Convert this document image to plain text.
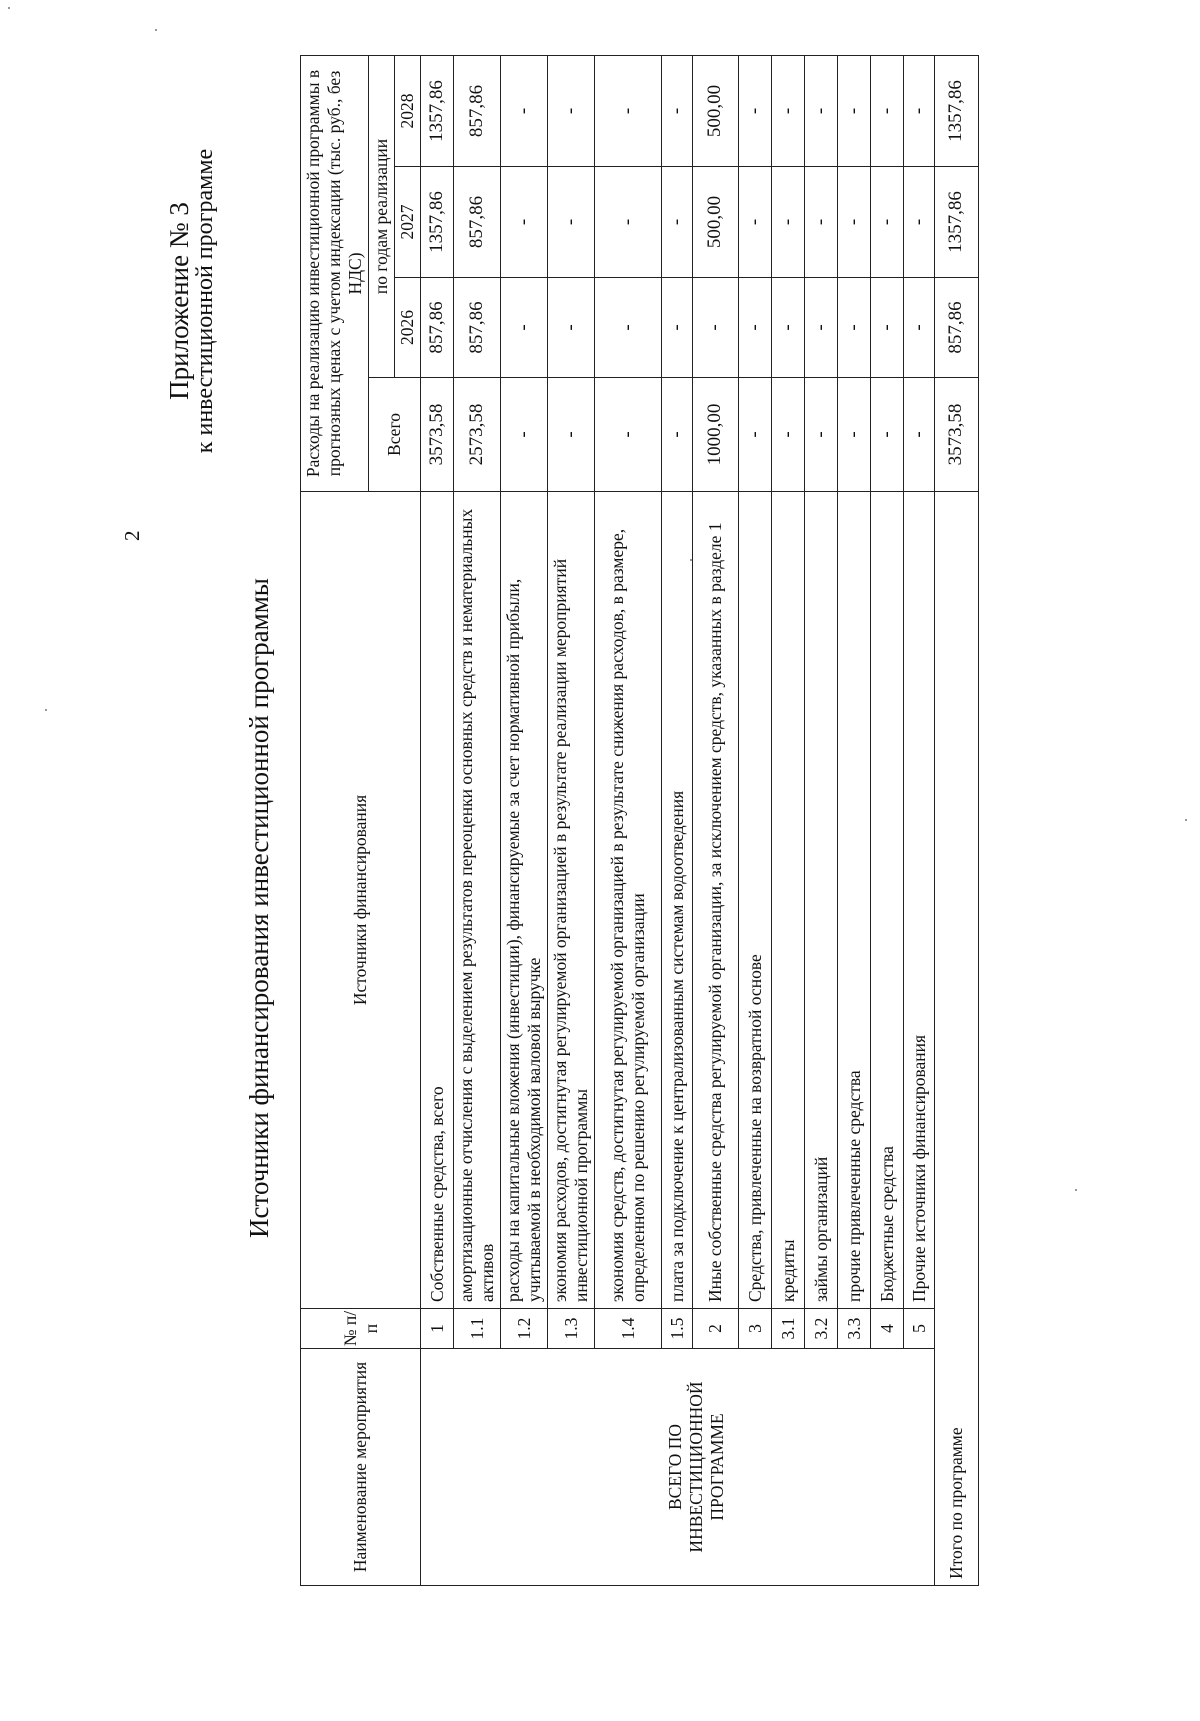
2
Приложение № 3
к инвестиционной программе
Источники финансирования инвестиционной программы
Наименование мероприятия	№ п/п	Источники финансирования	Расходы на реализацию инвестиционной программы в прогнозных ценах с учетом индексации (тыс. руб., без НДС)			
			Всего	по годам реализации		
				2026	2027	2028
ВСЕГО ПО ИНВЕСТИЦИОННОЙ ПРОГРАММЕ	1	Собственные средства, всего	3573,58	857,86	1357,86	1357,86
	1.1	амортизационные отчисления с выделением результатов переоценки основных средств и нематериальных активов	2573,58	857,86	857,86	857,86
	1.2	расходы на капитальные вложения (инвестиции), финансируемые за счет нормативной прибыли, учитываемой в необходимой валовой выручке	-	-	-	-
	1.3	экономия расходов, достигнутая регулируемой организацией в результате реализации мероприятий инвестиционной программы	-	-	-	-
	1.4	экономия средств, достигнутая регулируемой организацией в результате снижения расходов, в размере, определенном по решению регулируемой организации	-	-	-	-
	1.5	плата за подключение к централизованным системам водоотведения	-	-	-	-
	2	Иные собственные средства регулируемой организации, за исключением средств, указанных в разделе 1	1000,00	-	500,00	500,00
	3	Средства, привлеченные на возвратной основе	-	-	-	-
	3.1	кредиты	-	-	-	-
	3.2	займы организаций	-	-	-	-
	3.3	прочие привлеченные средства	-	-	-	-
	4	Бюджетные средства	-	-	-	-
	5	Прочие источники финансирования	-	-	-	-
Итого по программе			3573,58	857,86	1357,86	1357,86
